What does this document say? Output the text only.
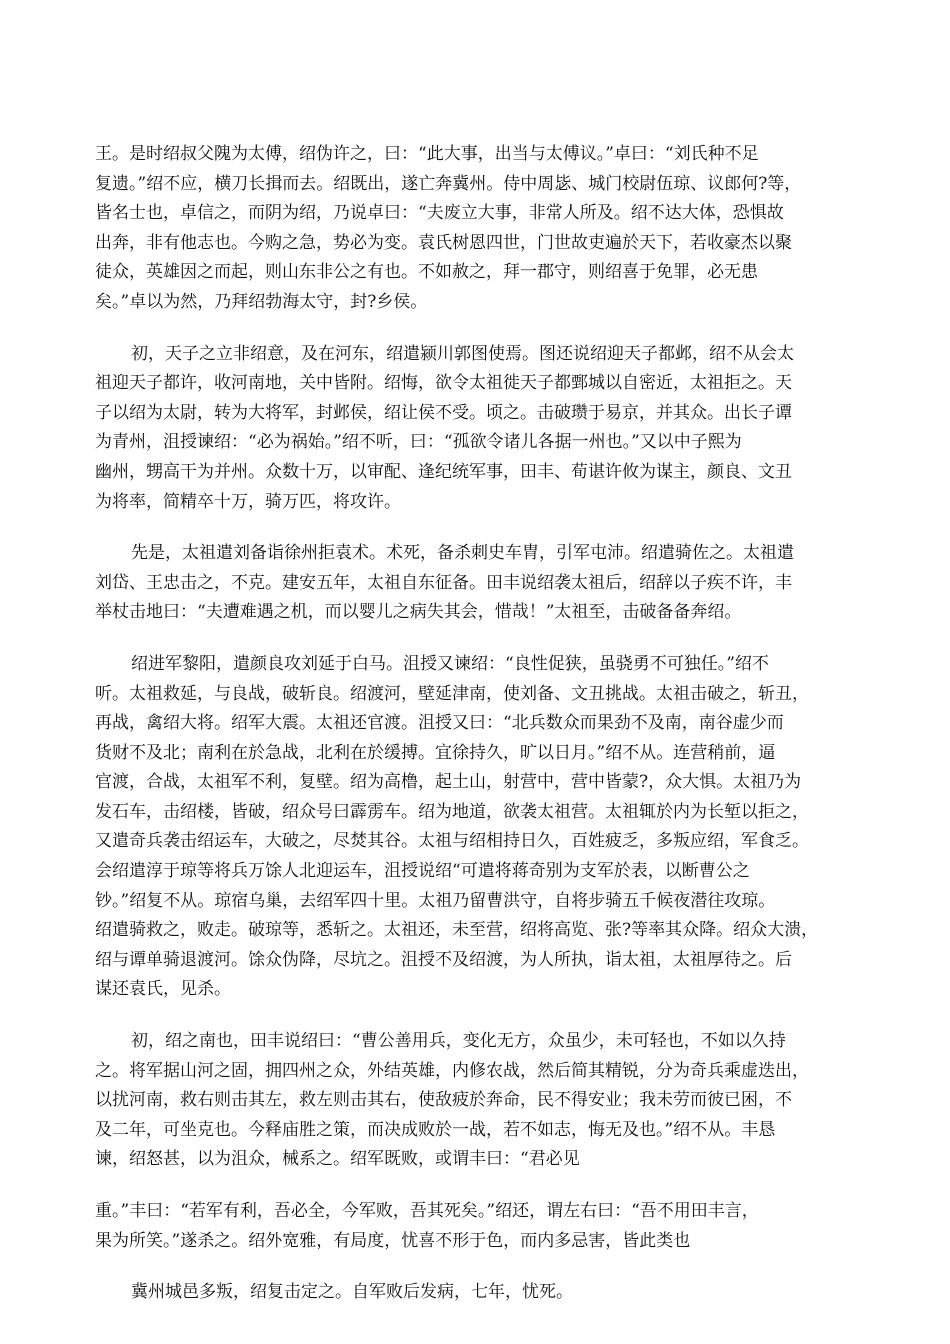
王。是时绍叔父隗为太傅，绍伪许之，曰：“此大事，出当与太傅议。”卓曰：“刘氏种不足
复遗。”绍不应，横刀长揖而去。绍既出，遂亡奔冀州。侍中周毖、城门校尉伍琼、议郎何?等，
皆名士也，卓信之，而阴为绍，乃说卓曰：“夫废立大事，非常人所及。绍不达大体，恐惧故
出奔，非有他志也。今购之急，势必为变。袁氏树恩四世，门世故吏遍於天下，若收豪杰以聚
徒众，英雄因之而起，则山东非公之有也。不如赦之，拜一郡守，则绍喜于免罪，必无患
矣。”卓以为然，乃拜绍勃海太守，封?乡侯。

初，天子之立非绍意，及在河东，绍遣颍川郭图使焉。图还说绍迎天子都邺，绍不从会太
祖迎天子都许，收河南地，关中皆附。绍悔，欲令太祖徙天子都鄄城以自密近，太祖拒之。天
子以绍为太尉，转为大将军，封邺侯，绍让侯不受。顷之。击破瓒于易京，并其众。出长子谭
为青州，沮授谏绍：“必为祸始。”绍不听，曰：“孤欲令诸儿各据一州也。”又以中子熙为
幽州，甥高干为并州。众数十万，以审配、逢纪统军事，田丰、荀谌许攸为谋主，颜良、文丑
为将率，简精卒十万，骑万匹，将攻许。

先是，太祖遣刘备诣徐州拒袁术。术死，备杀刺史车胄，引军屯沛。绍遣骑佐之。太祖遣
刘岱、王忠击之，不克。建安五年，太祖自东征备。田丰说绍袭太祖后，绍辞以子疾不许，丰
举杖击地曰：“夫遭难遇之机，而以婴儿之病失其会，惜哉！”太祖至，击破备备奔绍。

绍进军黎阳，遣颜良攻刘延于白马。沮授又谏绍：“良性促狭，虽骁勇不可独任。”绍不
听。太祖救延，与良战，破斩良。绍渡河，壁延津南，使刘备、文丑挑战。太祖击破之，斩丑，
再战，禽绍大将。绍军大震。太祖还官渡。沮授又曰：“北兵数众而果劲不及南，南谷虚少而
货财不及北；南利在於急战，北利在於缓搏。宜徐持久，旷以日月。”绍不从。连营稍前，逼
官渡，合战，太祖军不利，复壁。绍为高橹，起土山，射营中，营中皆蒙?，众大惧。太祖乃为
发石车，击绍楼，皆破，绍众号曰霹雳车。绍为地道，欲袭太祖营。太祖辄於内为长堑以拒之，
又遣奇兵袭击绍运车，大破之，尽焚其谷。太祖与绍相持日久，百姓疲乏，多叛应绍，军食乏。
会绍遣淳于琼等将兵万馀人北迎运车，沮授说绍“可遣将蒋奇别为支军於表，以断曹公之
钞。”绍复不从。琼宿乌巢，去绍军四十里。太祖乃留曹洪守，自将步骑五千候夜潜往攻琼。
绍遣骑救之，败走。破琼等，悉斩之。太祖还，未至营，绍将高览、张?等率其众降。绍众大溃，
绍与谭单骑退渡河。馀众伪降，尽坑之。沮授不及绍渡，为人所执，诣太祖，太祖厚待之。后
谋还袁氏，见杀。

初，绍之南也，田丰说绍曰：“曹公善用兵，变化无方，众虽少，未可轻也，不如以久持
之。将军据山河之固，拥四州之众，外结英雄，内修农战，然后简其精锐，分为奇兵乘虚迭出，
以扰河南，救右则击其左，救左则击其右，使敌疲於奔命，民不得安业；我未劳而彼已困，不
及二年，可坐克也。今释庙胜之策，而决成败於一战，若不如志，悔无及也。”绍不从。丰恳
谏，绍怒甚，以为沮众，械系之。绍军既败，或谓丰曰：“君必见

重。”丰曰：“若军有利，吾必全，今军败，吾其死矣。”绍还，谓左右曰：“吾不用田丰言，
果为所笑。”遂杀之。绍外宽雅，有局度，忧喜不形于色，而内多忌害，皆此类也

冀州城邑多叛，绍复击定之。自军败后发病，七年，忧死。
